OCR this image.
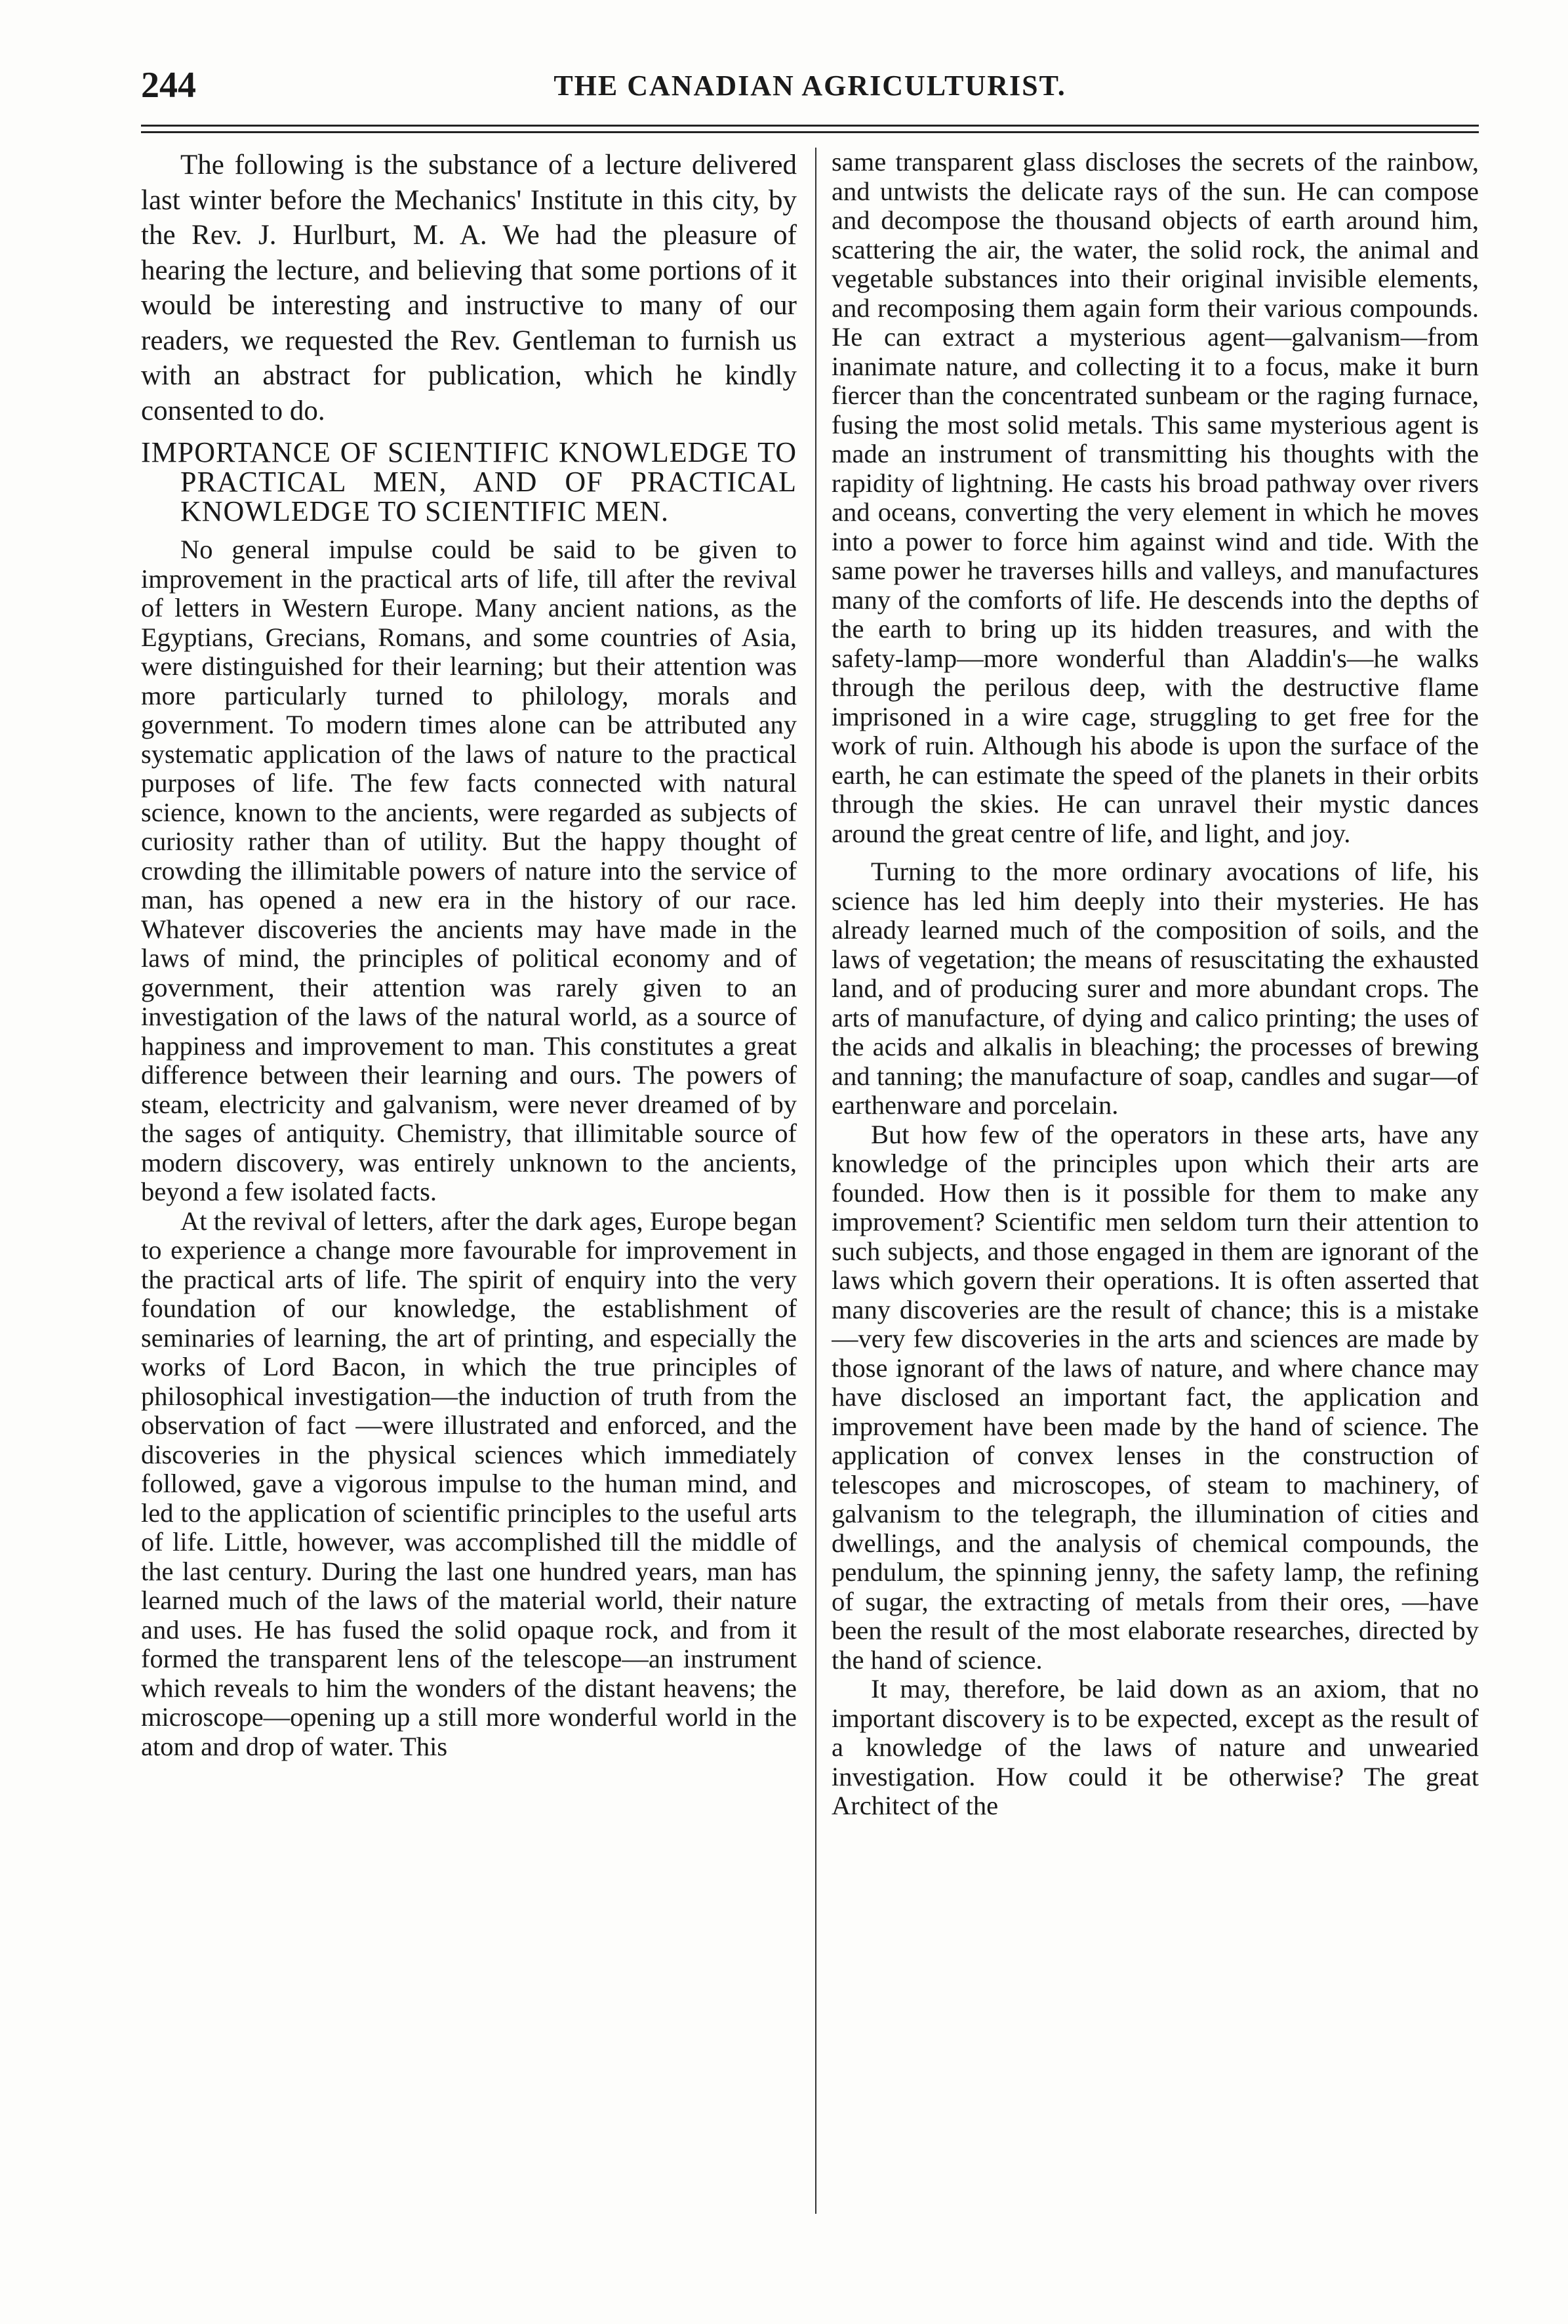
244	THE CANADIAN AGRICULTURIST.

The following is the substance of a lecture delivered last winter before the Mechanics' Institute in this city, by the Rev. J. Hurlburt, M. A. We had the pleasure of hearing the lecture, and believing that some portions of it would be interesting and instructive to many of our readers, we requested the Rev. Gentleman to furnish us with an abstract for publication, which he kindly consented to do.

IMPORTANCE OF SCIENTIFIC KNOWLEDGE TO PRACTICAL MEN, AND OF PRACTICAL KNOWLEDGE TO SCIENTIFIC MEN.

No general impulse could be said to be given to improvement in the practical arts of life, till after the revival of letters in Western Europe. Many ancient nations, as the Egyptians, Grecians, Romans, and some countries of Asia, were distinguished for their learning; but their attention was more particularly turned to philology, morals and government. To modern times alone can be attributed any systematic application of the laws of nature to the practical purposes of life. The few facts connected with natural science, known to the ancients, were regarded as subjects of curiosity rather than of utility. But the happy thought of crowding the illimitable powers of nature into the service of man, has opened a new era in the history of our race. Whatever discoveries the ancients may have made in the laws of mind, the principles of political economy and of government, their attention was rarely given to an investigation of the laws of the natural world, as a source of happiness and improvement to man. This constitutes a great difference between their learning and ours. The powers of steam, electricity and galvanism, were never dreamed of by the sages of antiquity. Chemistry, that illimitable source of modern discovery, was entirely unknown to the ancients, beyond a few isolated facts.

At the revival of letters, after the dark ages, Europe began to experience a change more favourable for improvement in the practical arts of life. The spirit of enquiry into the very foundation of our knowledge, the establishment of seminaries of learning, the art of printing, and especially the works of Lord Bacon, in which the true principles of philosophical investigation—the induction of truth from the observation of fact —were illustrated and enforced, and the discoveries in the physical sciences which immediately followed, gave a vigorous impulse to the human mind, and led to the application of scientific principles to the useful arts of life. Little, however, was accomplished till the middle of the last century. During the last one hundred years, man has learned much of the laws of the material world, their nature and uses. He has fused the solid opaque rock, and from it formed the transparent lens of the telescope—an instrument which reveals to him the wonders of the distant heavens; the microscope—opening up a still more wonderful world in the atom and drop of water. This

same transparent glass discloses the secrets of the rainbow, and untwists the delicate rays of the sun. He can compose and decompose the thousand objects of earth around him, scattering the air, the water, the solid rock, the animal and vegetable substances into their original invisible elements, and recomposing them again form their various compounds. He can extract a mysterious agent—galvanism—from inanimate nature, and collecting it to a focus, make it burn fiercer than the concentrated sunbeam or the raging furnace, fusing the most solid metals. This same mysterious agent is made an instrument of transmitting his thoughts with the rapidity of lightning. He casts his broad pathway over rivers and oceans, converting the very element in which he moves into a power to force him against wind and tide. With the same power he traverses hills and valleys, and manufactures many of the comforts of life. He descends into the depths of the earth to bring up its hidden treasures, and with the safety-lamp—more wonderful than Aladdin's—he walks through the perilous deep, with the destructive flame imprisoned in a wire cage, struggling to get free for the work of ruin. Although his abode is upon the surface of the earth, he can estimate the speed of the planets in their orbits through the skies. He can unravel their mystic dances around the great centre of life, and light, and joy.

Turning to the more ordinary avocations of life, his science has led him deeply into their mysteries. He has already learned much of the composition of soils, and the laws of vegetation; the means of resuscitating the exhausted land, and of producing surer and more abundant crops. The arts of manufacture, of dying and calico printing; the uses of the acids and alkalis in bleaching; the processes of brewing and tanning; the manufacture of soap, candles and sugar—of earthenware and porcelain.

But how few of the operators in these arts, have any knowledge of the principles upon which their arts are founded. How then is it possible for them to make any improvement? Scientific men seldom turn their attention to such subjects, and those engaged in them are ignorant of the laws which govern their operations. It is often asserted that many discoveries are the result of chance; this is a mistake—very few discoveries in the arts and sciences are made by those ignorant of the laws of nature, and where chance may have disclosed an important fact, the application and improvement have been made by the hand of science. The application of convex lenses in the construction of telescopes and microscopes, of steam to machinery, of galvanism to the telegraph, the illumination of cities and dwellings, and the analysis of chemical compounds, the pendulum, the spinning jenny, the safety lamp, the refining of sugar, the extracting of metals from their ores, —have been the result of the most elaborate researches, directed by the hand of science.

It may, therefore, be laid down as an axiom, that no important discovery is to be expected, except as the result of a knowledge of the laws of nature and unwearied investigation. How could it be otherwise? The great Architect of the
